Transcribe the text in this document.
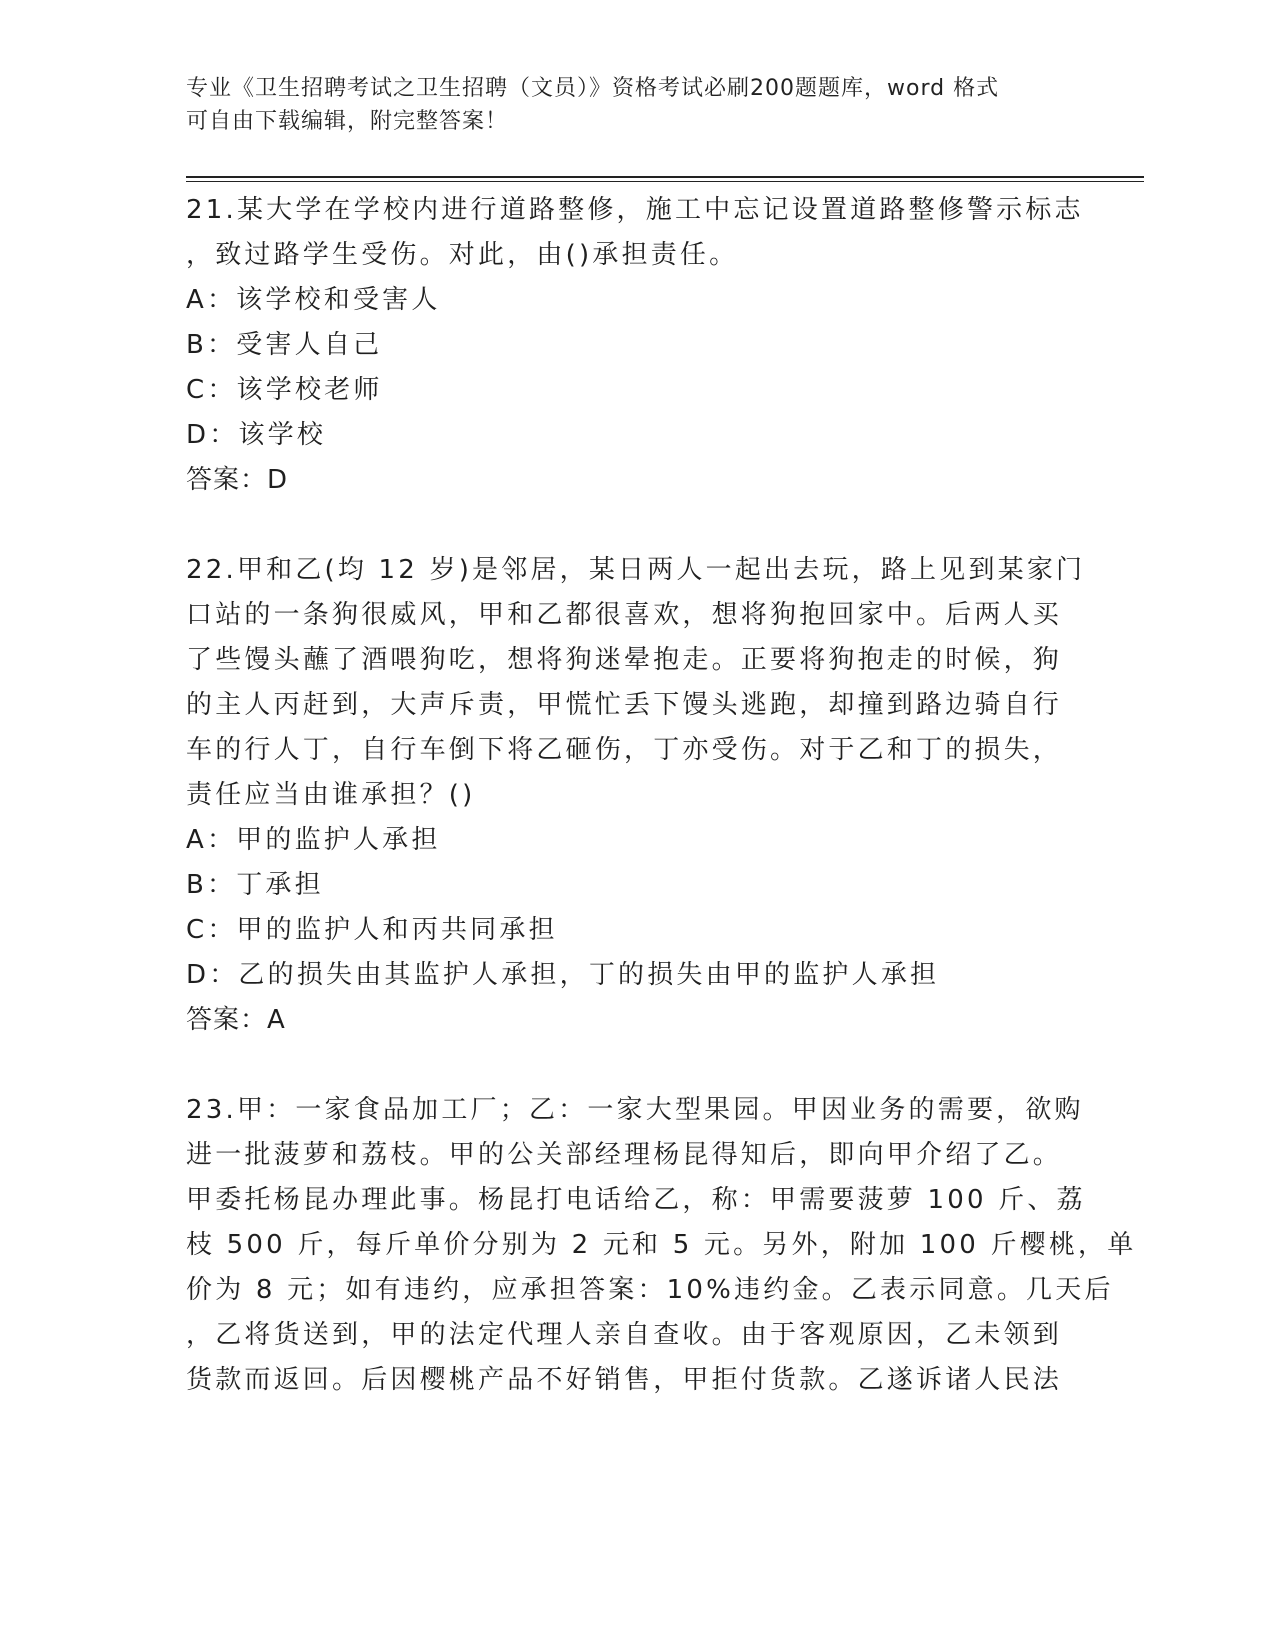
专业《卫生招聘考试之卫生招聘（文员）》资格考试必刷200题题库，word 格式
可自由下载编辑，附完整答案！
21.某大学在学校内进行道路整修，施工中忘记设置道路整修警示标志
，致过路学生受伤。对此，由()承担责任。
A：该学校和受害人
B：受害人自己
C：该学校老师
D：该学校
答案：D
22.甲和乙(均 12 岁)是邻居，某日两人一起出去玩，路上见到某家门
口站的一条狗很威风，甲和乙都很喜欢，想将狗抱回家中。后两人买
了些馒头蘸了酒喂狗吃，想将狗迷晕抱走。正要将狗抱走的时候，狗
的主人丙赶到，大声斥责，甲慌忙丢下馒头逃跑，却撞到路边骑自行
车的行人丁，自行车倒下将乙砸伤，丁亦受伤。对于乙和丁的损失，
责任应当由谁承担？()
A：甲的监护人承担
B：丁承担
C：甲的监护人和丙共同承担
D：乙的损失由其监护人承担，丁的损失由甲的监护人承担
答案：A
23.甲：一家食品加工厂；乙：一家大型果园。甲因业务的需要，欲购
进一批菠萝和荔枝。甲的公关部经理杨昆得知后，即向甲介绍了乙。
甲委托杨昆办理此事。杨昆打电话给乙，称：甲需要菠萝 100 斤、荔
枝 500 斤，每斤单价分别为 2 元和 5 元。另外，附加 100 斤樱桃，单
价为 8 元；如有违约，应承担答案：10%违约金。乙表示同意。几天后
，乙将货送到，甲的法定代理人亲自查收。由于客观原因，乙未领到
货款而返回。后因樱桃产品不好销售，甲拒付货款。乙遂诉诸人民法
